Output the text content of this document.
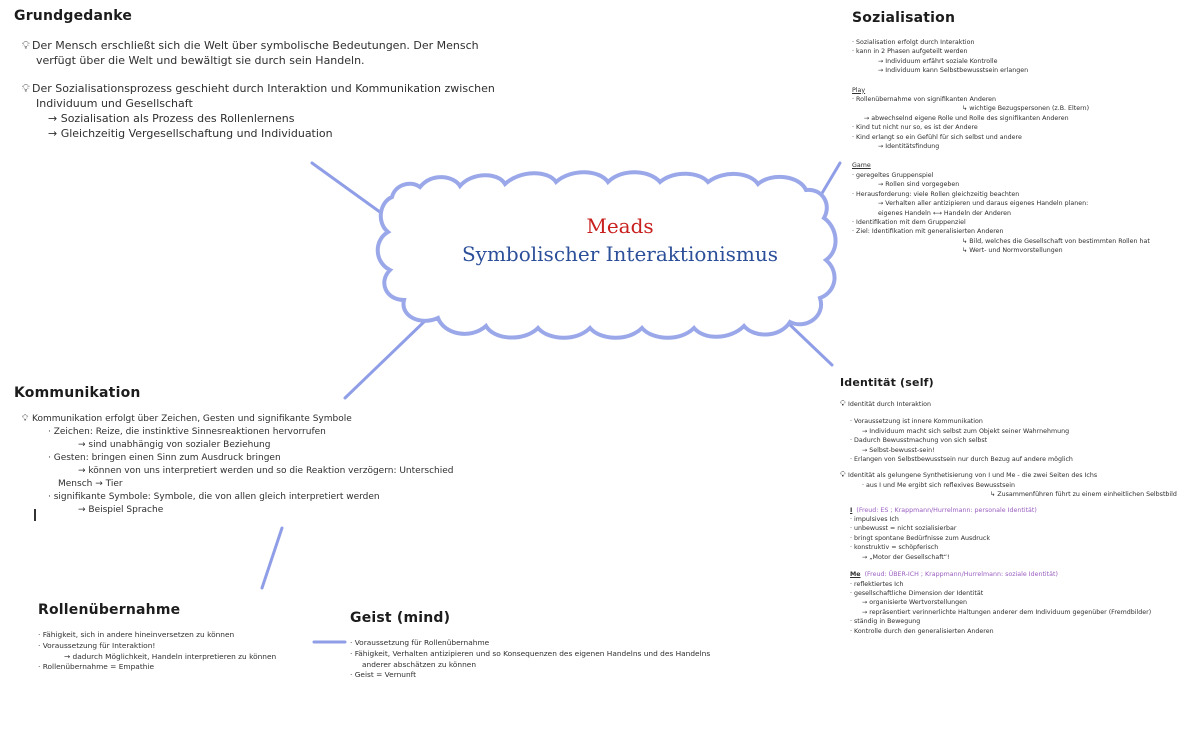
Meads
Symbolischer Interaktionismus
Grundgedanke
💡︎ Der Mensch erschließt sich die Welt über symbolische Bedeutungen. Der Mensch
verfügt über die Welt und bewältigt sie durch sein Handeln.
💡︎ Der Sozialisationsprozess geschieht durch Interaktion und Kommunikation zwischen
Individuum und Gesellschaft
→ Sozialisation als Prozess des Rollenlernens
→ Gleichzeitig Vergesellschaftung und Individuation
Kommunikation
💡︎ Kommunikation erfolgt über Zeichen, Gesten und signifikante Symbole
· Zeichen: Reize, die instinktive Sinnesreaktionen hervorrufen
→ sind unabhängig von sozialer Beziehung
· Gesten: bringen einen Sinn zum Ausdruck bringen
→ können von uns interpretiert werden und so die Reaktion verzögern: Unterschied
Mensch → Tier
· signifikante Symbole: Symbole, die von allen gleich interpretiert werden
→ Beispiel Sprache
Rollenübernahme
· Fähigkeit, sich in andere hineinversetzen zu können
· Voraussetzung für Interaktion!
→ dadurch Möglichkeit, Handeln interpretieren zu können
· Rollenübernahme = Empathie
Geist (mind)
· Voraussetzung für Rollenübernahme
· Fähigkeit, Verhalten antizipieren und so Konsequenzen des eigenen Handelns und des Handelns
anderer abschätzen zu können
· Geist = Vernunft
Sozialisation
· Sozialisation erfolgt durch Interaktion
· kann in 2 Phasen aufgeteilt werden
→ Individuum erfährt soziale Kontrolle
→ Individuum kann Selbstbewusstsein erlangen
Play
· Rollenübernahme von signifikanten Anderen
↳ wichtige Bezugspersonen (z.B. Eltern)
→ abwechselnd eigene Rolle und Rolle des signifikanten Anderen
· Kind tut nicht nur so, es ist der Andere
· Kind erlangt so ein Gefühl für sich selbst und andere
→ Identitätsfindung
Game
· geregeltes Gruppenspiel
→ Rollen sind vorgegeben
· Herausforderung: viele Rollen gleichzeitig beachten
→ Verhalten aller antizipieren und daraus eigenes Handeln planen:
eigenes Handeln ⟷ Handeln der Anderen
· Identifikation mit dem Gruppenziel
· Ziel: Identifikation mit generalisierten Anderen
↳ Bild, welches die Gesellschaft von bestimmten Rollen hat
↳ Wert- und Normvorstellungen
Identität (self)
💡︎ Identität durch Interaktion
· Voraussetzung ist innere Kommunikation
→ Individuum macht sich selbst zum Objekt seiner Wahrnehmung
· Dadurch Bewusstmachung von sich selbst
→ Selbst-bewusst-sein!
· Erlangen von Selbstbewusstsein nur durch Bezug auf andere möglich
💡︎ Identität als gelungene Synthetisierung von I und Me - die zwei Seiten des Ichs
· aus I und Me ergibt sich reflexives Bewusstsein
↳ Zusammenführen führt zu einem einheitlichen Selbstbild
I (Freud: ES ; Krappmann/Hurrelmann: personale Identität)
· impulsives Ich
· unbewusst = nicht sozialisierbar
· bringt spontane Bedürfnisse zum Ausdruck
· konstruktiv = schöpferisch
→ „Motor der Gesellschaft“!
Me (Freud: ÜBER-ICH ; Krappmann/Hurrelmann: soziale Identität)
· reflektiertes Ich
· gesellschaftliche Dimension der Identität
→ organisierte Wertvorstellungen
→ repräsentiert verinnerlichte Haltungen anderer dem Individuum gegenüber (Fremdbilder)
· ständig in Bewegung
· Kontrolle durch den generalisierten Anderen
